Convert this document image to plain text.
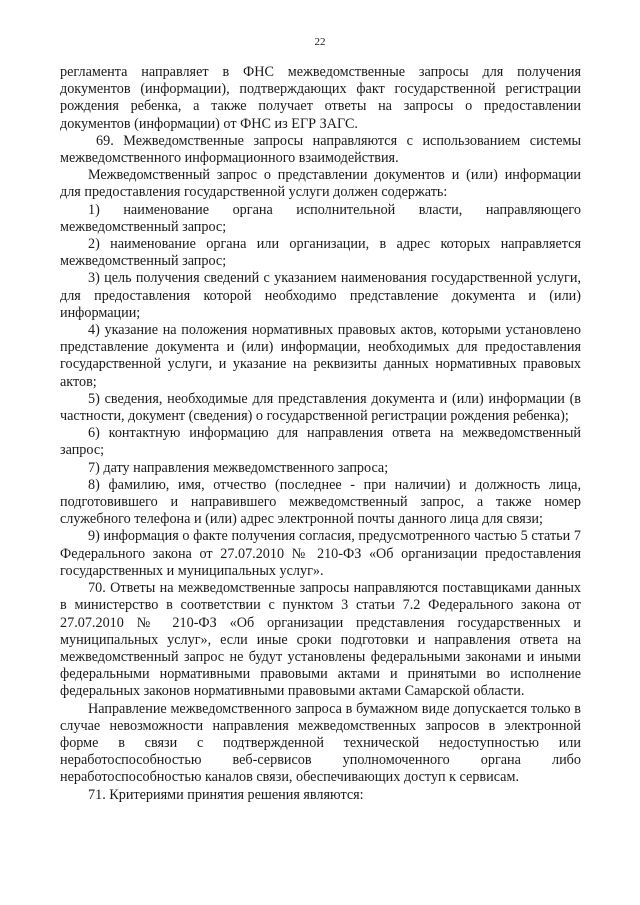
22

регламента направляет в ФНС межведомственные запросы для получения документов (информации), подтверждающих факт государственной регистрации рождения ребенка, а также получает ответы на запросы о предоставлении документов (информации) от ФНС из ЕГР ЗАГС.

69. Межведомственные запросы направляются с использованием системы межведомственного информационного взаимодействия.

Межведомственный запрос о представлении документов и (или) информации для предоставления государственной услуги должен содержать:

1) наименование органа исполнительной власти, направляющего межведомственный запрос;

2) наименование органа или организации, в адрес которых направляется межведомственный запрос;

3) цель получения сведений с указанием наименования государственной услуги, для предоставления которой необходимо представление документа и (или) информации;

4) указание на положения нормативных правовых актов, которыми установлено представление документа и (или) информации, необходимых для предоставления государственной услуги, и указание на реквизиты данных нормативных правовых актов;

5) сведения, необходимые для представления документа и (или) информации (в частности, документ (сведения) о государственной регистрации рождения ребенка);

6) контактную информацию для направления ответа на межведомственный запрос;

7) дату направления межведомственного запроса;

8) фамилию, имя, отчество (последнее - при наличии) и должность лица, подготовившего и направившего межведомственный запрос, а также номер служебного телефона и (или) адрес электронной почты данного лица для связи;

9) информация о факте получения согласия, предусмотренного частью 5 статьи 7 Федерального закона от 27.07.2010 № 210-ФЗ «Об организации предоставления государственных и муниципальных услуг».

70. Ответы на межведомственные запросы направляются поставщиками данных в министерство в соответствии с пунктом 3 статьи 7.2 Федерального закона от 27.07.2010 № 210-ФЗ «Об организации представления государственных и муниципальных услуг», если иные сроки подготовки и направления ответа на межведомственный запрос не будут установлены федеральными законами и иными федеральными нормативными правовыми актами и принятыми во исполнение федеральных законов нормативными правовыми актами Самарской области.

Направление межведомственного запроса в бумажном виде допускается только в случае невозможности направления межведомственных запросов в электронной форме в связи с подтвержденной технической недоступностью или неработоспособностью веб-сервисов уполномоченного органа либо неработоспособностью каналов связи, обеспечивающих доступ к сервисам.

71. Критериями принятия решения являются:
